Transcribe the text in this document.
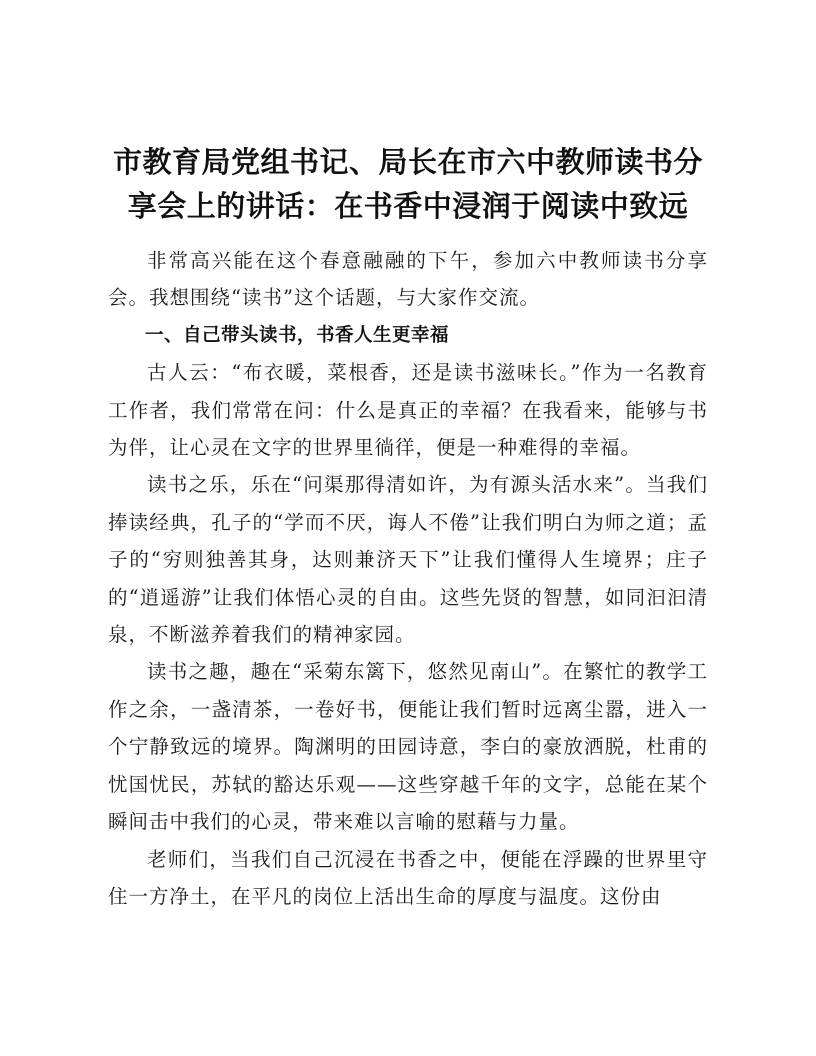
市教育局党组书记、局长在市六中教师读书分享会上的讲话：在书香中浸润于阅读中致远

非常高兴能在这个春意融融的下午，参加六中教师读书分享会。我想围绕“读书”这个话题，与大家作交流。

一、自己带头读书，书香人生更幸福

古人云：“布衣暖，菜根香，还是读书滋味长。”作为一名教育工作者，我们常常在问：什么是真正的幸福？在我看来，能够与书为伴，让心灵在文字的世界里徜徉，便是一种难得的幸福。

读书之乐，乐在“问渠那得清如许，为有源头活水来”。当我们捧读经典，孔子的“学而不厌，诲人不倦”让我们明白为师之道；孟子的“穷则独善其身，达则兼济天下”让我们懂得人生境界；庄子的“逍遥游”让我们体悟心灵的自由。这些先贤的智慧，如同汩汩清泉，不断滋养着我们的精神家园。

读书之趣，趣在“采菊东篱下，悠然见南山”。在繁忙的教学工作之余，一盏清茶，一卷好书，便能让我们暂时远离尘嚣，进入一个宁静致远的境界。陶渊明的田园诗意，李白的豪放洒脱，杜甫的忧国忧民，苏轼的豁达乐观——这些穿越千年的文字，总能在某个瞬间击中我们的心灵，带来难以言喻的慰藉与力量。

老师们，当我们自己沉浸在书香之中，便能在浮躁的世界里守住一方净土，在平凡的岗位上活出生命的厚度与温度。这份由
